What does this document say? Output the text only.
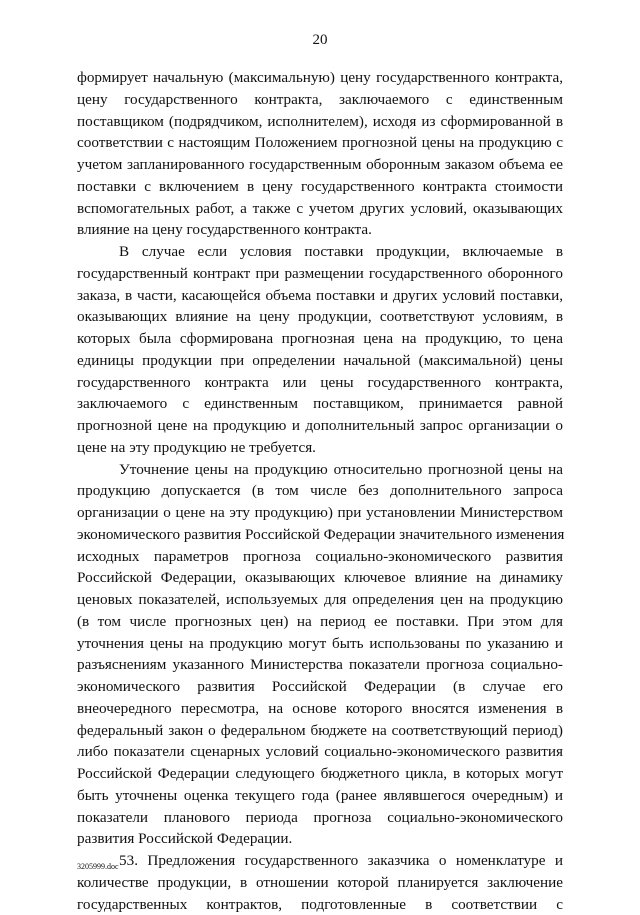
20
формирует начальную (максимальную) цену государственного контракта,
цену государственного контракта, заключаемого с единственным
поставщиком (подрядчиком, исполнителем), исходя из сформированной в
соответствии с настоящим Положением прогнозной цены на продукцию с
учетом запланированного государственным оборонным заказом объема ее
поставки с включением в цену государственного контракта стоимости
вспомогательных работ, а также с учетом других условий, оказывающих
влияние на цену государственного контракта.
В случае если условия поставки продукции, включаемые в
государственный контракт при размещении государственного оборонного
заказа, в части, касающейся объема поставки и других условий поставки,
оказывающих влияние на цену продукции, соответствуют условиям, в
которых была сформирована прогнозная цена на продукцию, то цена
единицы продукции при определении начальной (максимальной) цены
государственного контракта или цены государственного контракта,
заключаемого с единственным поставщиком, принимается равной
прогнозной цене на продукцию и дополнительный запрос организации о
цене на эту продукцию не требуется.
Уточнение цены на продукцию относительно прогнозной цены на
продукцию допускается (в том числе без дополнительного запроса
организации о цене на эту продукцию) при установлении Министерством
экономического развития Российской Федерации значительного изменения
исходных параметров прогноза социально-экономического развития
Российской Федерации, оказывающих ключевое влияние на динамику
ценовых показателей, используемых для определения цен на продукцию
(в том числе прогнозных цен) на период ее поставки. При этом для
уточнения цены на продукцию могут быть использованы по указанию и
разъяснениям указанного Министерства показатели прогноза социально-
экономического развития Российской Федерации (в случае его
внеочередного пересмотра, на основе которого вносятся изменения в
федеральный закон о федеральном бюджете на соответствующий период)
либо показатели сценарных условий социально-экономического развития
Российской Федерации следующего бюджетного цикла, в которых могут
быть уточнены оценка текущего года (ранее являвшегося очередным) и
показатели планового периода прогноза социально-экономического
развития Российской Федерации.
53. Предложения государственного заказчика о номенклатуре и
количестве продукции, в отношении которой планируется заключение
государственных контрактов, подготовленные в соответствии с
3205999.doc
